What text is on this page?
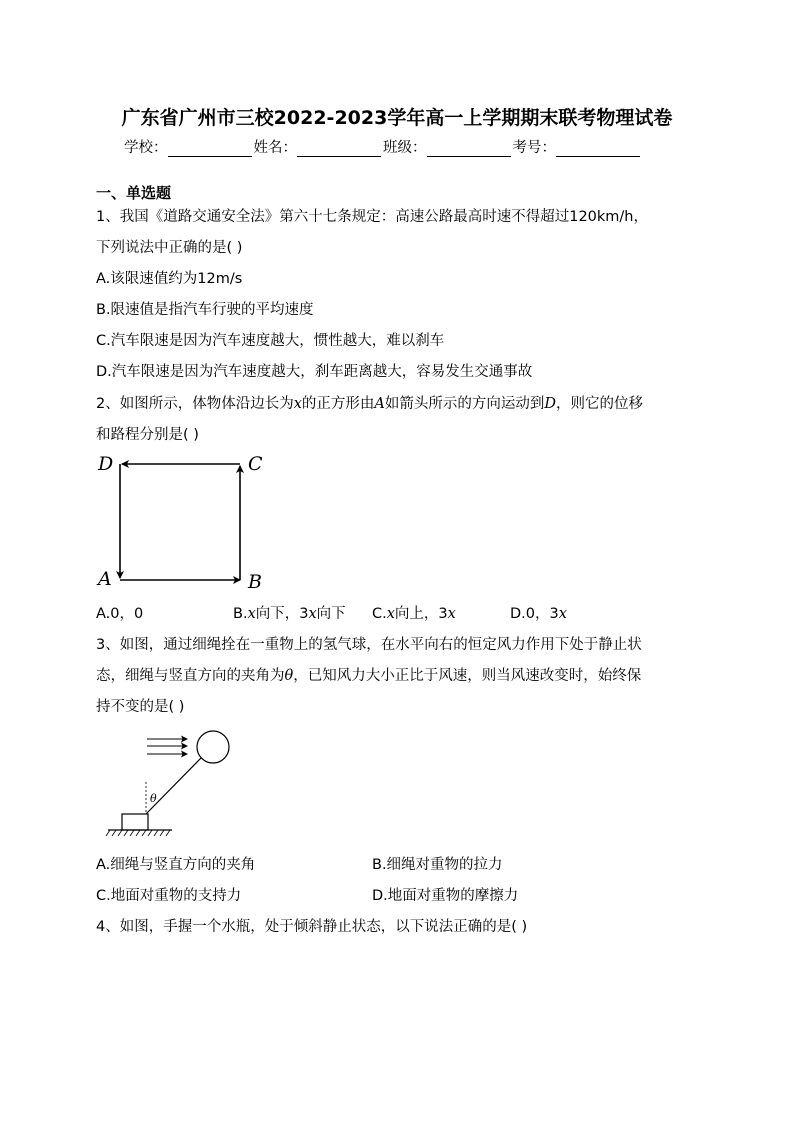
广东省广州市三校2022-2023学年高一上学期期末联考物理试卷
学校：	姓名：	班级：	考号：
一、单选题
1、我国《道路交通安全法》第六十七条规定：高速公路最高时速不得超过120km/h，
下列说法中正确的是( )
A.该限速值约为12m/s
B.限速值是指汽车行驶的平均速度
C.汽车限速是因为汽车速度越大，惯性越大，难以刹车
D.汽车限速是因为汽车速度越大，刹车距离越大，容易发生交通事故
2、如图所示，体物体沿边长为x的正方形由A如箭头所示的方向运动到D，则它的位移
和路程分别是( )
D	C
A	B
A.0，0	B.x向下，3x向下 C.x向上，3x	D.0，3x
3、如图，通过细绳拴在一重物上的氢气球，在水平向右的恒定风力作用下处于静止状
态，细绳与竖直方向的夹角为θ，已知风力大小正比于风速，则当风速改变时，始终保
持不变的是( )
θ
A.细绳与竖直方向的夹角	B.细绳对重物的拉力
C.地面对重物的支持力	D.地面对重物的摩擦力
4、如图，手握一个水瓶，处于倾斜静止状态，以下说法正确的是( )
